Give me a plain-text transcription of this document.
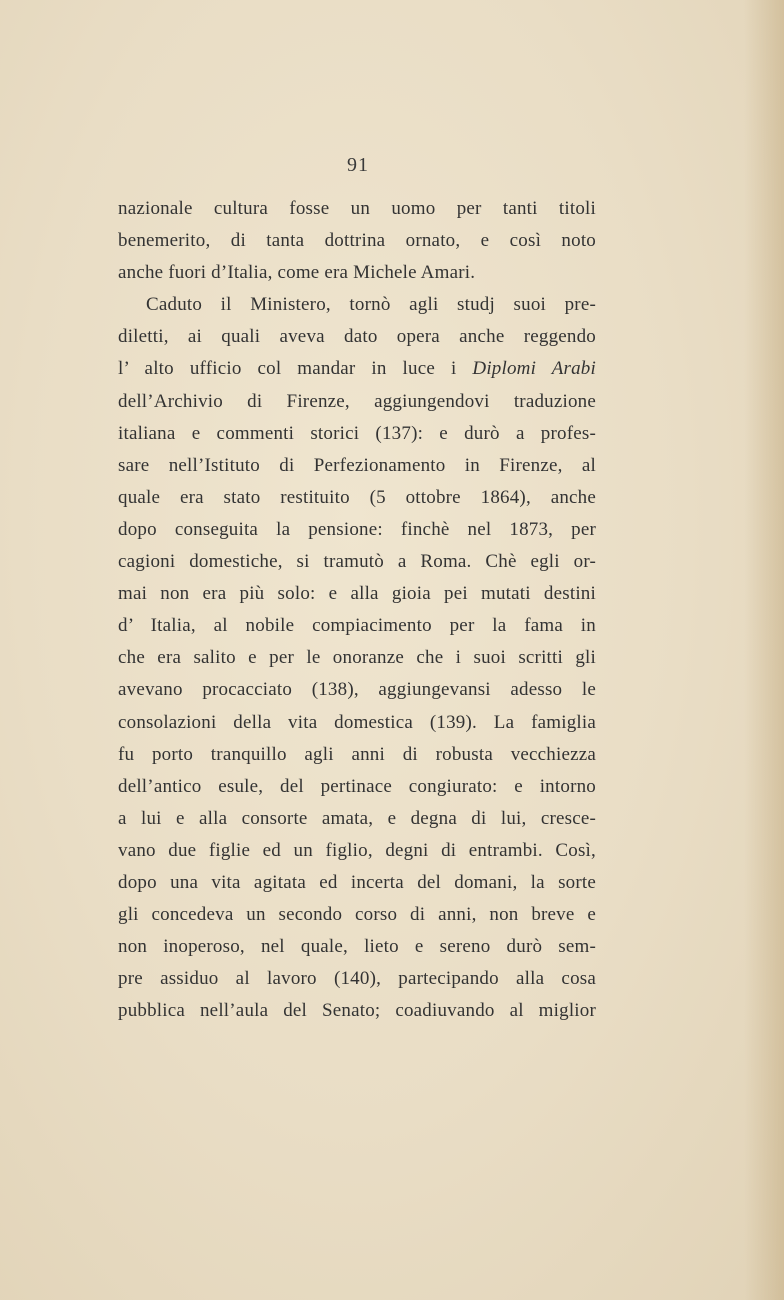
91
nazionale cultura fosse un uomo per tanti titoli
benemerito, di tanta dottrina ornato, e così noto
anche fuori d’Italia, come era Michele Amari.
Caduto il Ministero, tornò agli studj suoi pre-
diletti, ai quali aveva dato opera anche reggendo
l’ alto ufficio col mandar in luce i Diplomi Arabi
dell’Archivio di Firenze, aggiungendovi traduzione
italiana e commenti storici (137): e durò a profes-
sare nell’Istituto di Perfezionamento in Firenze, al
quale era stato restituito (5 ottobre 1864), anche
dopo conseguita la pensione: finchè nel 1873, per
cagioni domestiche, si tramutò a Roma. Chè egli or-
mai non era più solo: e alla gioia pei mutati destini
d’ Italia, al nobile compiacimento per la fama in
che era salito e per le onoranze che i suoi scritti gli
avevano procacciato (138), aggiungevansi adesso le
consolazioni della vita domestica (139). La famiglia
fu porto tranquillo agli anni di robusta vecchiezza
dell’antico esule, del pertinace congiurato: e intorno
a lui e alla consorte amata, e degna di lui, cresce-
vano due figlie ed un figlio, degni di entrambi. Così,
dopo una vita agitata ed incerta del domani, la sorte
gli concedeva un secondo corso di anni, non breve e
non inoperoso, nel quale, lieto e sereno durò sem-
pre assiduo al lavoro (140), partecipando alla cosa
pubblica nell’aula del Senato; coadiuvando al miglior
